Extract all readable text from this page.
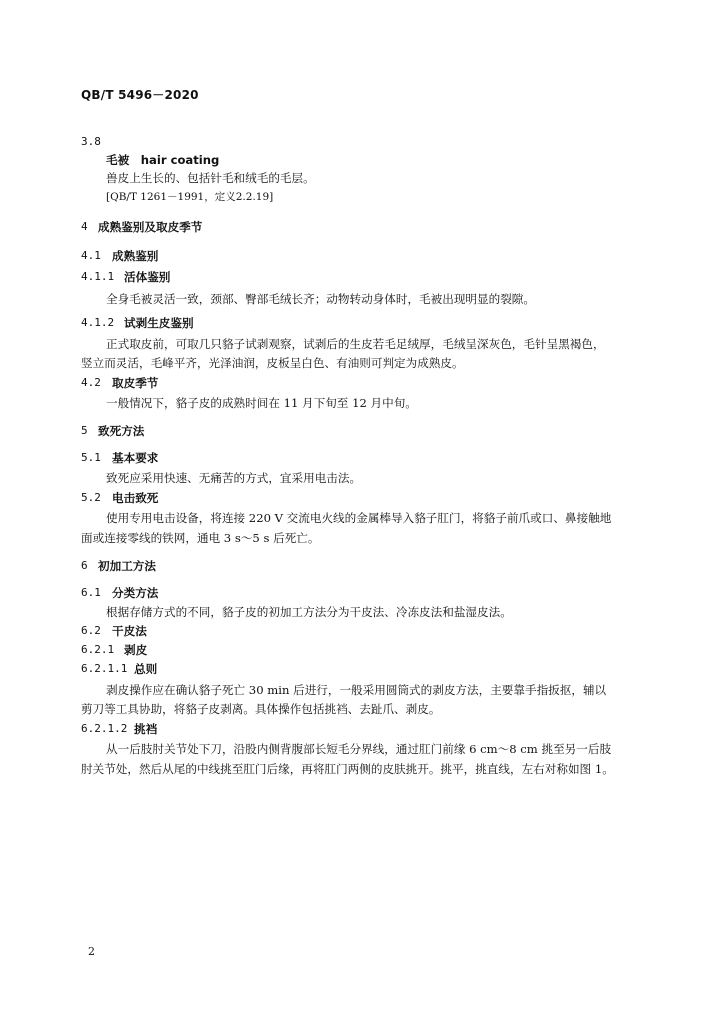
QB/T 5496－2020
3.8
毛被　hair coating
兽皮上生长的、包括针毛和绒毛的毛层。
[QB/T 1261－1991，定义2.2.19]
4 成熟鉴别及取皮季节
4.1 成熟鉴别
4.1.1 活体鉴别
全身毛被灵活一致，颈部、臀部毛绒长齐；动物转动身体时，毛被出现明显的裂隙。
4.1.2 试剥生皮鉴别
正式取皮前，可取几只貉子试剥观察，试剥后的生皮若毛足绒厚，毛绒呈深灰色，毛针呈黑褐色，
竖立而灵活，毛峰平齐，光泽油润，皮板呈白色、有油则可判定为成熟皮。
4.2 取皮季节
一般情况下，貉子皮的成熟时间在 11 月下旬至 12 月中旬。
5 致死方法
5.1 基本要求
致死应采用快速、无痛苦的方式，宜采用电击法。
5.2 电击致死
使用专用电击设备，将连接 220 V 交流电火线的金属棒导入貉子肛门，将貉子前爪或口、鼻接触地
面或连接零线的铁网，通电 3 s～5 s 后死亡。
6 初加工方法
6.1 分类方法
根据存储方式的不同，貉子皮的初加工方法分为干皮法、冷冻皮法和盐湿皮法。
6.2 干皮法
6.2.1 剥皮
6.2.1.1 总则
剥皮操作应在确认貉子死亡 30 min 后进行，一般采用圆筒式的剥皮方法，主要靠手指扳抠，辅以
剪刀等工具协助，将貉子皮剥离。具体操作包括挑裆、去趾爪、剥皮。
6.2.1.2 挑裆
从一后肢肘关节处下刀，沿股内侧背腹部长短毛分界线，通过肛门前缘 6 cm～8 cm 挑至另一后肢
肘关节处，然后从尾的中线挑至肛门后缘，再将肛门两侧的皮肤挑开。挑平，挑直线，左右对称如图 1。
2
